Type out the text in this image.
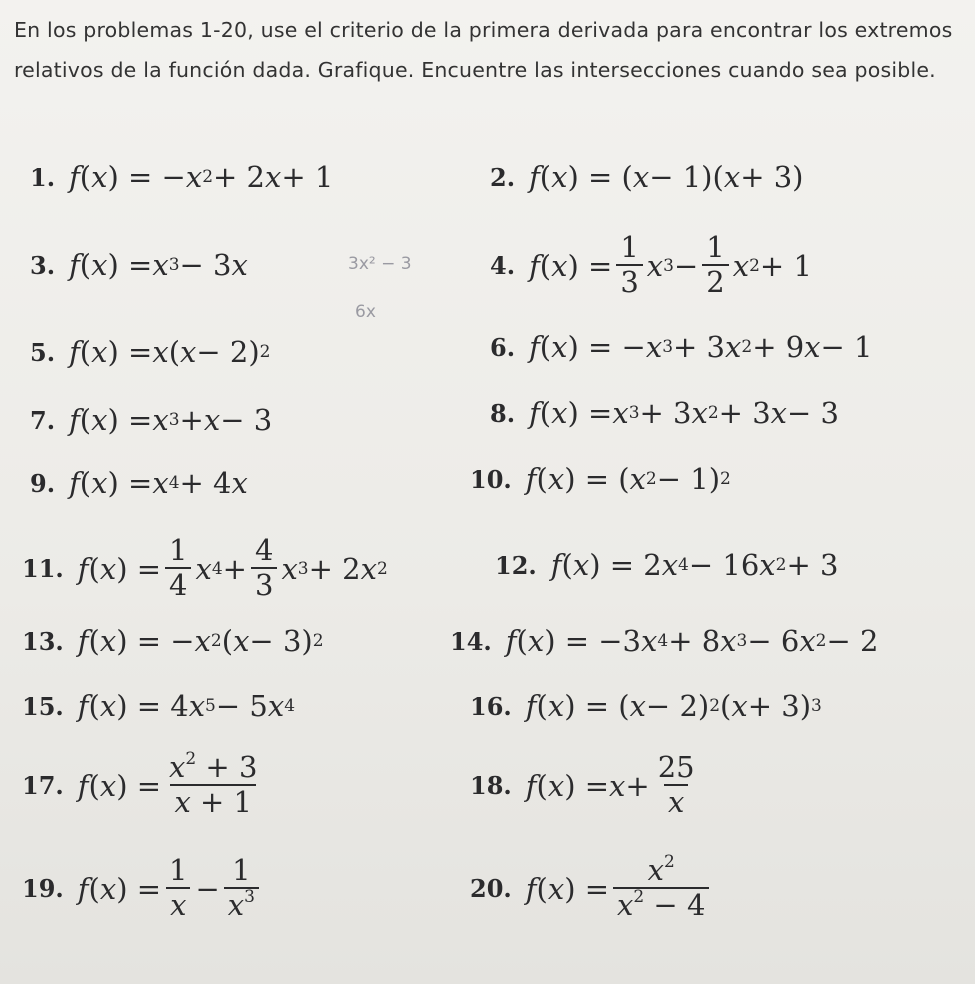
En los problemas 1-20, use el criterio de la primera derivada para encontrar los extremos relativos de la función dada. Grafique. Encuentre las intersecciones cuando sea posible.
1. f ( x ) = − x 2 + 2 x + 1	2. f ( x ) = ( x − 1)( x + 3)
3. f ( x ) = x 3 − 3 x	3x² − 3
6x
4. f ( x ) = $\frac{1}{3}$ x $3 - \frac{1}{2}$ x 2 + 1
5. f ( x ) = x ( x − 2) 2	6. f ( x ) = − x 3 + 3 x 2 + 9 x − 1
7. f ( x ) = x 3 + x − 3	8. f ( x ) = x 3 + 3 x 2 + 3 x − 3
9. f ( x ) = x 4 + 4 x	10. f ( x ) = ( x 2 − 1) 2
11. f ( x ) = $\frac{1}{4}$ x $4 + \frac{4}{3}$ x 3 + 2 x 2	12. f ( x ) = 2 x 4 − 16 x 2 + 3
13. f ( x ) = − x 2 ( x − 3) 2	14. f ( x ) = −3 x 4 + 8 x 3 − 6 x 2 − 2
15. f ( x ) = 4 x 5 − 5 x 4	16. f ( x ) = ( x − 2) 2 ( x + 3) 3
17. f ( x ) = $\frac{x^2 + 3}{x + 1}$	18. f ( x ) = $x + \frac{25}{x}$
19. f ( x ) = $\frac{1}{x} - \frac{1}{x^3}$	20. f ( x ) = $\frac{x^2}{x^2 - 4}$
